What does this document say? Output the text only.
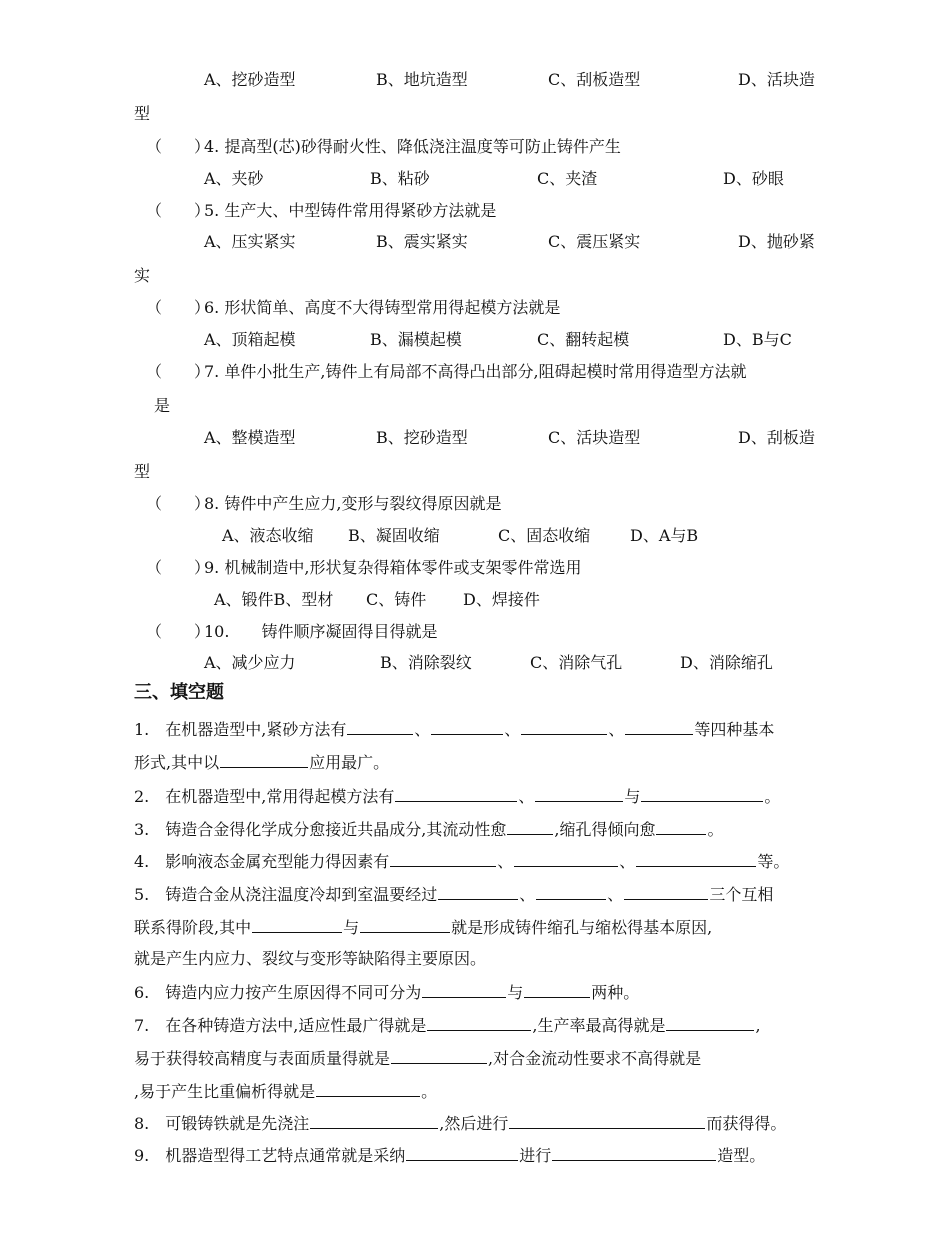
A、挖砂造型	B、地坑造型	C、刮板造型	D、活块造
型
（　　）
4. 提高型(芯)砂得耐火性、降低浇注温度等可防止铸件产生
A、夹砂	B、粘砂	C、夹渣	D、砂眼
（　　）
5. 生产大、中型铸件常用得紧砂方法就是
A、压实紧实	B、震实紧实	C、震压紧实	D、抛砂紧
实
（　　）
6. 形状简单、高度不大得铸型常用得起模方法就是
A、顶箱起模	B、漏模起模	C、翻转起模	D、B与C
（　　）
7. 单件小批生产,铸件上有局部不高得凸出部分,阻碍起模时常用得造型方法就
是
A、整模造型	B、挖砂造型	C、活块造型	D、刮板造
型
（　　）
8. 铸件中产生应力,变形与裂纹得原因就是
A、液态收缩 B、凝固收缩	C、固态收缩 D、A与B
（　　）
9. 机械制造中,形状复杂得箱体零件或支架零件常选用
A、锻件B、型材 C、铸件 D、焊接件
（　　）
10.　　铸件顺序凝固得目得就是
A、减少应力	B、消除裂纹	C、消除气孔	D、消除缩孔
三、填空题
1.　在机器造型中,紧砂方法有	、	、	、	等四种基本
形式,其中以	应用最广。
2.　在机器造型中,常用得起模方法有	、	与	。
3.　铸造合金得化学成分愈接近共晶成分,其流动性愈	,缩孔得倾向愈	。
4.　影响液态金属充型能力得因素有	、	、	等。
5.　铸造合金从浇注温度冷却到室温要经过	、	、	三个互相
联系得阶段,其中	与	就是形成铸件缩孔与缩松得基本原因,
就是产生内应力、裂纹与变形等缺陷得主要原因。
6.　铸造内应力按产生原因得不同可分为	与	两种。
7.　在各种铸造方法中,适应性最广得就是	,生产率最高得就是	,
易于获得较高精度与表面质量得就是	,对合金流动性要求不高得就是
,易于产生比重偏析得就是	。
8.　可锻铸铁就是先浇注	,然后进行	而获得得。
9.　机器造型得工艺特点通常就是采纳	进行	造型。
